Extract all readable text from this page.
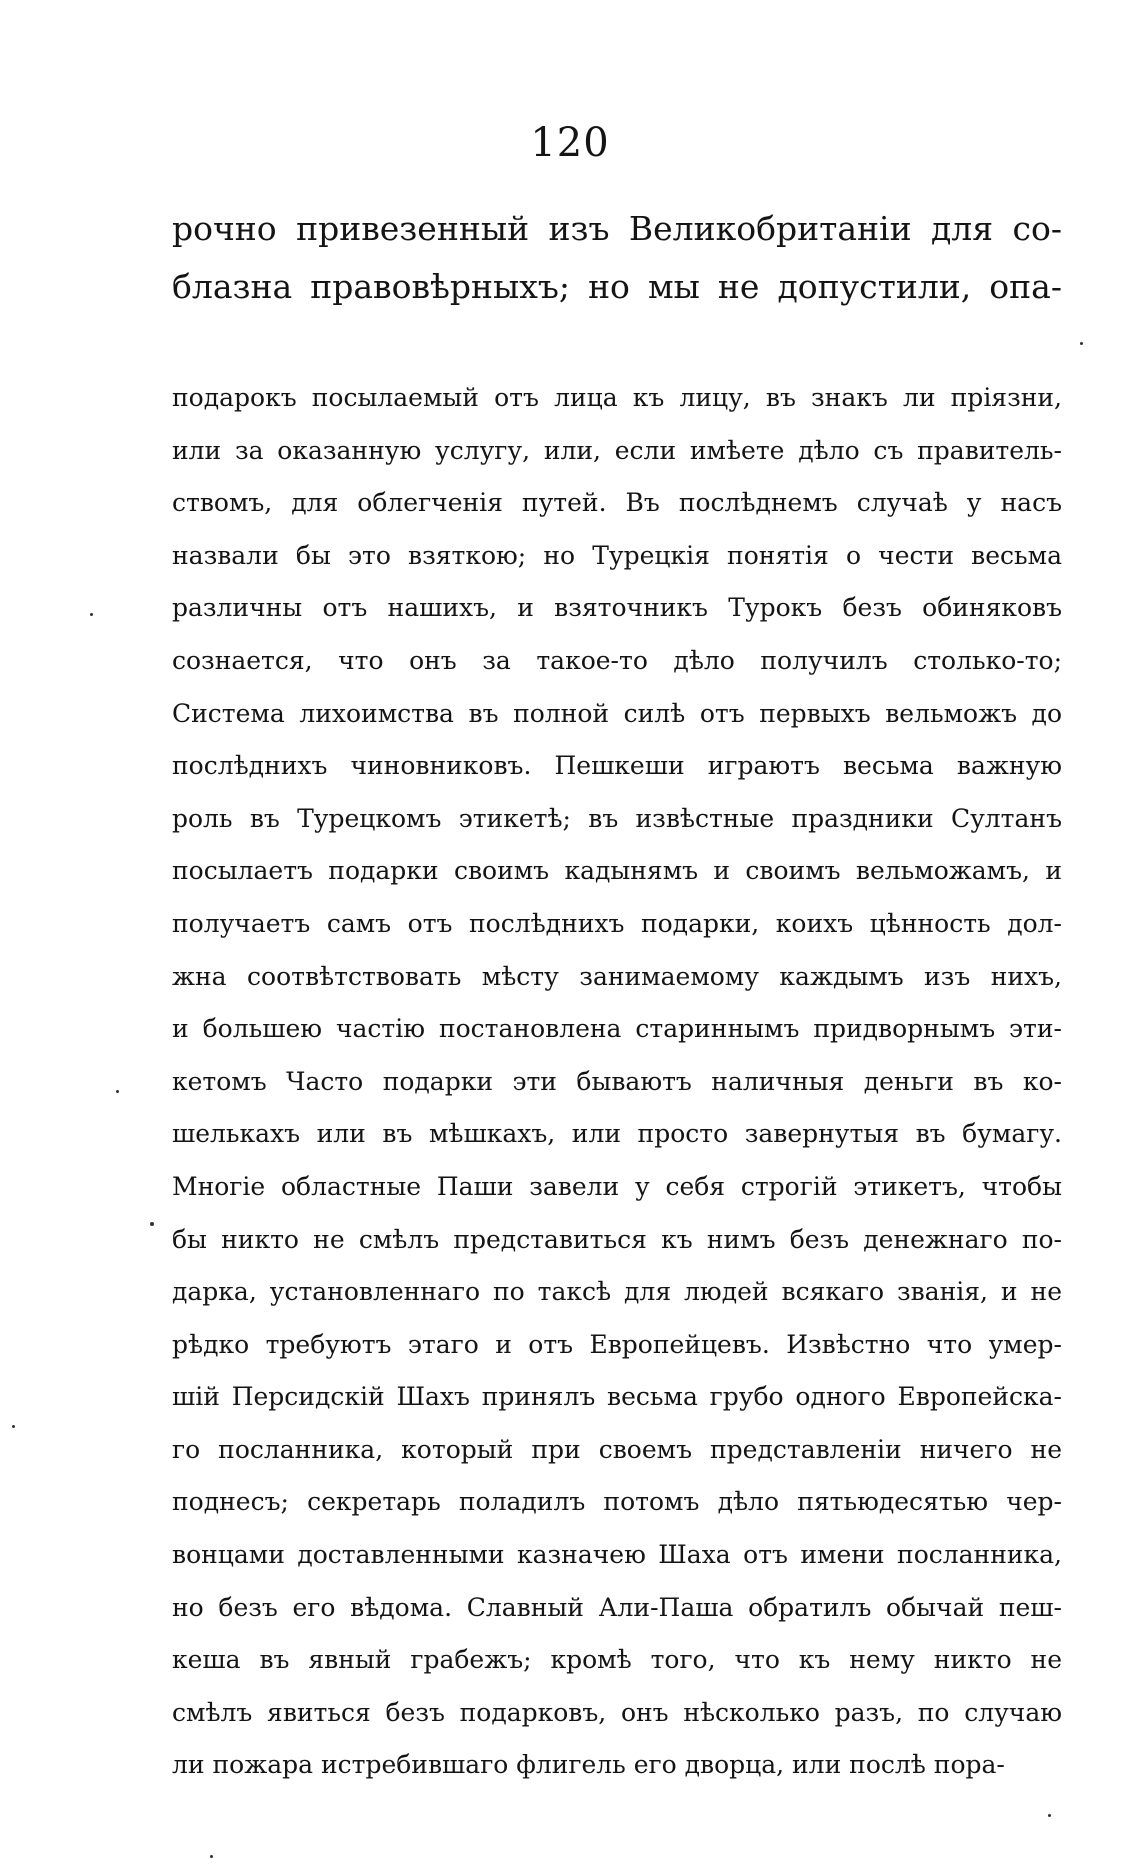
120
рочно привезенный изъ Великобританіи для со-
блазна правовѣрныхъ; но мы не допустили, опа-
подарокъ посылаемый отъ лица къ лицу, въ знакъ ли пріязни,
или за оказанную услугу, или, если имѣете дѣло съ правитель-
ствомъ, для облегченія путей. Въ послѣднемъ случаѣ у насъ
назвали бы это взяткою; но Турецкія понятія о чести весьма
различны отъ нашихъ, и взяточникъ Турокъ безъ обиняковъ
сознается, что онъ за такое-то дѣло получилъ столько-то;
Система лихоимства въ полной силѣ отъ первыхъ вельможъ до
послѣднихъ чиновниковъ. Пешкеши играютъ весьма важную
роль въ Турецкомъ этикетѣ; въ извѣстные праздники Султанъ
посылаетъ подарки своимъ кадынямъ и своимъ вельможамъ, и
получаетъ самъ отъ послѣднихъ подарки, коихъ цѣнность дол-
жна соотвѣтствовать мѣсту занимаемому каждымъ изъ нихъ,
и большею частію постановлена стариннымъ придворнымъ эти-
кетомъ Часто подарки эти бываютъ наличныя деньги въ ко-
шелькахъ или въ мѣшкахъ, или просто завернутыя въ бумагу.
Многіе областные Паши завели у себя строгій этикетъ, чтобы
бы никто не смѣлъ представиться къ нимъ безъ денежнаго по-
дарка, установленнаго по таксѣ для людей всякаго званія, и не
рѣдко требуютъ этаго и отъ Европейцевъ. Извѣстно что умер-
шій Персидскій Шахъ принялъ весьма грубо одного Европейска-
го посланника, который при своемъ представленіи ничего не
поднесъ; секретарь поладилъ потомъ дѣло пятьюдесятью чер-
вонцами доставленными казначею Шаха отъ имени посланника,
но безъ его вѣдома. Славный Али-Паша обратилъ обычай пеш-
кеша въ явный грабежъ; кромѣ того, что къ нему никто не
смѣлъ явиться безъ подарковъ, онъ нѣсколько разъ, по случаю
ли пожара истребившаго флигель его дворца, или послѣ пора-
